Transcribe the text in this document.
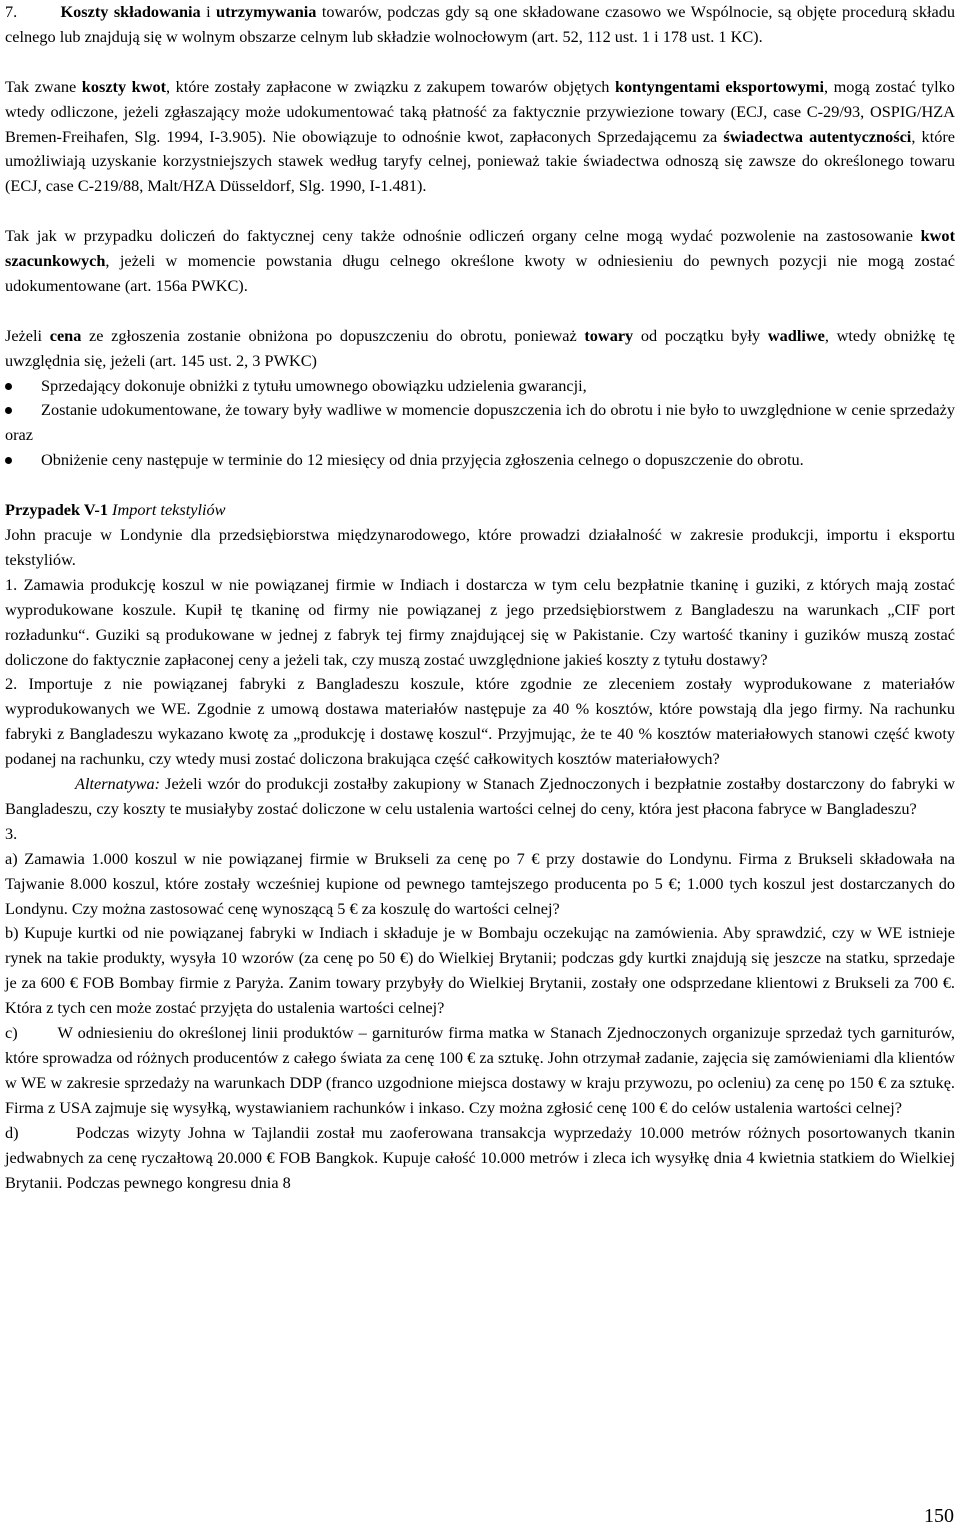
7.	Koszty składowania i utrzymywania towarów, podczas gdy są one składowane czasowo we Wspólnocie, są objęte procedurą składu celnego lub znajdują się w wolnym obszarze celnym lub składzie wolnocłowym (art. 52, 112 ust. 1 i 178 ust. 1 KC).

Tak zwane koszty kwot, które zostały zapłacone w związku z zakupem towarów objętych kontyngentami eksportowymi, mogą zostać tylko wtedy odliczone, jeżeli zgłaszający może udokumentować taką płatność za faktycznie przywiezione towary (ECJ, case C-29/93, OSPIG/HZA Bremen-Freihafen, Slg. 1994, I-3.905). Nie obowiązuje to odnośnie kwot, zapłaconych Sprzedającemu za świadectwa autentyczności, które umożliwiają uzyskanie korzystniejszych stawek według taryfy celnej, ponieważ takie świadectwa odnoszą się zawsze do określonego towaru (ECJ, case C-219/88, Malt/HZA Düsseldorf, Slg. 1990, I-1.481).

Tak jak w przypadku doliczeń do faktycznej ceny także odnośnie odliczeń organy celne mogą wydać pozwolenie na zastosowanie kwot szacunkowych, jeżeli w momencie powstania długu celnego określone kwoty w odniesieniu do pewnych pozycji nie mogą zostać udokumentowane (art. 156a PWKC).

Jeżeli cena ze zgłoszenia zostanie obniżona po dopuszczeniu do obrotu, ponieważ towary od początku były wadliwe, wtedy obniżkę tę uwzględnia się, jeżeli (art. 145 ust. 2, 3 PWKC)

Sprzedający dokonuje obniżki z tytułu umownego obowiązku udzielenia gwarancji,

Zostanie udokumentowane, że towary były wadliwe w momencie dopuszczenia ich do obrotu i nie było to uwzględnione w cenie sprzedaży oraz

Obniżenie ceny następuje w terminie do 12 miesięcy od dnia przyjęcia zgłoszenia celnego o dopuszczenie do obrotu.

Przypadek V-1 Import tekstyliów

John pracuje w Londynie dla przedsiębiorstwa międzynarodowego, które prowadzi działalność w zakresie produkcji, importu i eksportu tekstyliów.

1. Zamawia produkcję koszul w nie powiązanej firmie w Indiach i dostarcza w tym celu bezpłatnie tkaninę i guziki, z których mają zostać wyprodukowane koszule. Kupił tę tkaninę od firmy nie powiązanej z jego przedsiębiorstwem z Bangladeszu na warunkach „CIF port rozładunku“. Guziki są produkowane w jednej z fabryk tej firmy znajdującej się w Pakistanie. Czy wartość tkaniny i guzików muszą zostać doliczone do faktycznie zapłaconej ceny a jeżeli tak, czy muszą zostać uwzględnione jakieś koszty z tytułu dostawy?

2. Importuje z nie powiązanej fabryki z Bangladeszu koszule, które zgodnie ze zleceniem zostały wyprodukowane z materiałów wyprodukowanych we WE. Zgodnie z umową dostawa materiałów następuje za 40 % kosztów, które powstają dla jego firmy. Na rachunku fabryki z Bangladeszu wykazano kwotę za „produkcję i dostawę koszul“. Przyjmując, że te 40 % kosztów materiałowych stanowi część kwoty podanej na rachunku, czy wtedy musi zostać doliczona brakująca część całkowitych kosztów materiałowych?

Alternatywa: Jeżeli wzór do produkcji zostałby zakupiony w Stanach Zjednoczonych i bezpłatnie zostałby dostarczony do fabryki w Bangladeszu, czy koszty te musiałyby zostać doliczone w celu ustalenia wartości celnej do ceny, która jest płacona fabryce w Bangladeszu?

3.

a) Zamawia 1.000 koszul w nie powiązanej firmie w Brukseli za cenę po 7 € przy dostawie do Londynu. Firma z Brukseli składowała na Tajwanie 8.000 koszul, które zostały wcześniej kupione od pewnego tamtejszego producenta po 5 €; 1.000 tych koszul jest dostarczanych do Londynu. Czy można zastosować cenę wynoszącą 5 € za koszulę do wartości celnej?

b) Kupuje kurtki od nie powiązanej fabryki w Indiach i składuje je w Bombaju oczekując na zamówienia. Aby sprawdzić, czy w WE istnieje rynek na takie produkty, wysyła 10 wzorów (za cenę po 50 €) do Wielkiej Brytanii; podczas gdy kurtki znajdują się jeszcze na statku, sprzedaje je za 600 € FOB Bombay firmie z Paryża. Zanim towary przybyły do Wielkiej Brytanii, zostały one odsprzedane klientowi z Brukseli za 700 €. Która z tych cen może zostać przyjęta do ustalenia wartości celnej?

c)        W odniesieniu do określonej linii produktów – garniturów firma matka w Stanach Zjednoczonych organizuje sprzedaż tych garniturów, które sprowadza od różnych producentów z całego świata za cenę 100 € za sztukę. John otrzymał zadanie, zajęcia się zamówieniami dla klientów w WE w zakresie sprzedaży na warunkach DDP (franco uzgodnione miejsca dostawy w kraju przywozu, po ocleniu) za cenę po 150 € za sztukę. Firma z USA zajmuje się wysyłką, wystawianiem rachunków i inkaso. Czy można zgłosić cenę 100 € do celów ustalenia wartości celnej?

d)        Podczas wizyty Johna w Tajlandii został mu zaoferowana transakcja wyprzedaży 10.000 metrów różnych posortowanych tkanin jedwabnych za cenę ryczałtową 20.000 € FOB Bangkok. Kupuje całość 10.000 metrów i zleca ich wysyłkę dnia 4 kwietnia statkiem do Wielkiej Brytanii. Podczas pewnego kongresu dnia 8

150
